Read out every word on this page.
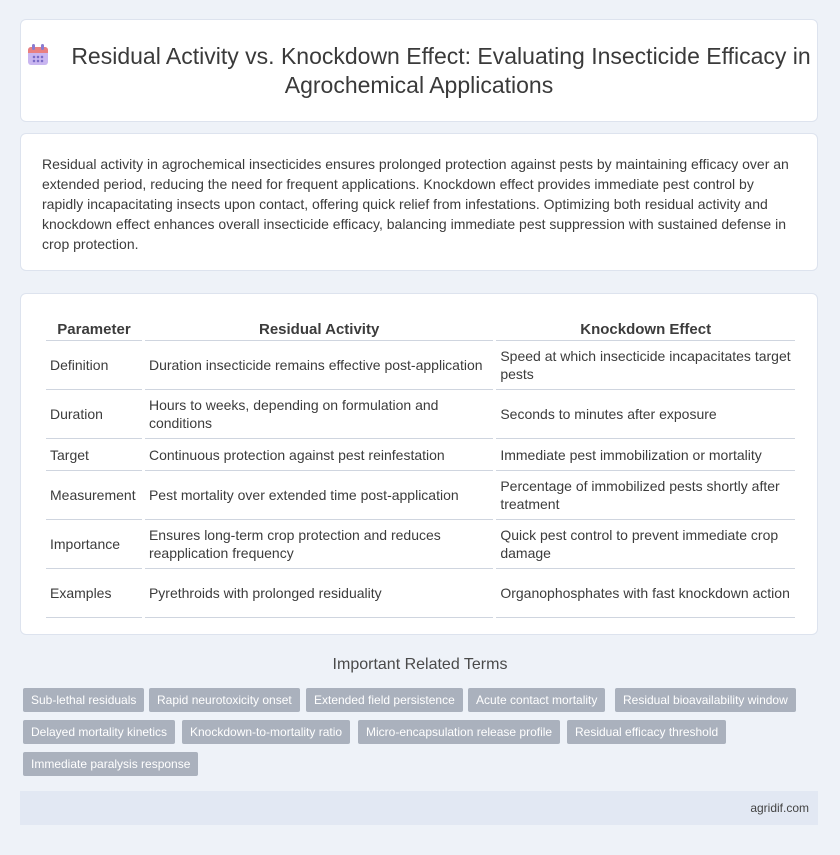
Residual Activity vs. Knockdown Effect: Evaluating Insecticide Efficacy in Agrochemical Applications
Residual activity in agrochemical insecticides ensures prolonged protection against pests by maintaining efficacy over an extended period, reducing the need for frequent applications. Knockdown effect provides immediate pest control by rapidly incapacitating insects upon contact, offering quick relief from infestations. Optimizing both residual activity and knockdown effect enhances overall insecticide efficacy, balancing immediate pest suppression with sustained defense in crop protection.
Parameter	Residual Activity	Knockdown Effect
Definition	Duration insecticide remains effective post-application	Speed at which insecticide incapacitates target pests
Duration	Hours to weeks, depending on formulation and conditions	Seconds to minutes after exposure
Target	Continuous protection against pest reinfestation	Immediate pest immobilization or mortality
Measurement	Pest mortality over extended time post-application	Percentage of immobilized pests shortly after treatment
Importance	Ensures long-term crop protection and reduces reapplication frequency	Quick pest control to prevent immediate crop damage
Examples	Pyrethroids with prolonged residuality	Organophosphates with fast knockdown action
Important Related Terms
Sub-lethal residuals	Rapid neurotoxicity onset	Extended field persistence	Acute contact mortality	Residual bioavailability window
Delayed mortality kinetics	Knockdown-to-mortality ratio	Micro-encapsulation release profile	Residual efficacy threshold
Immediate paralysis response
agridif.com
